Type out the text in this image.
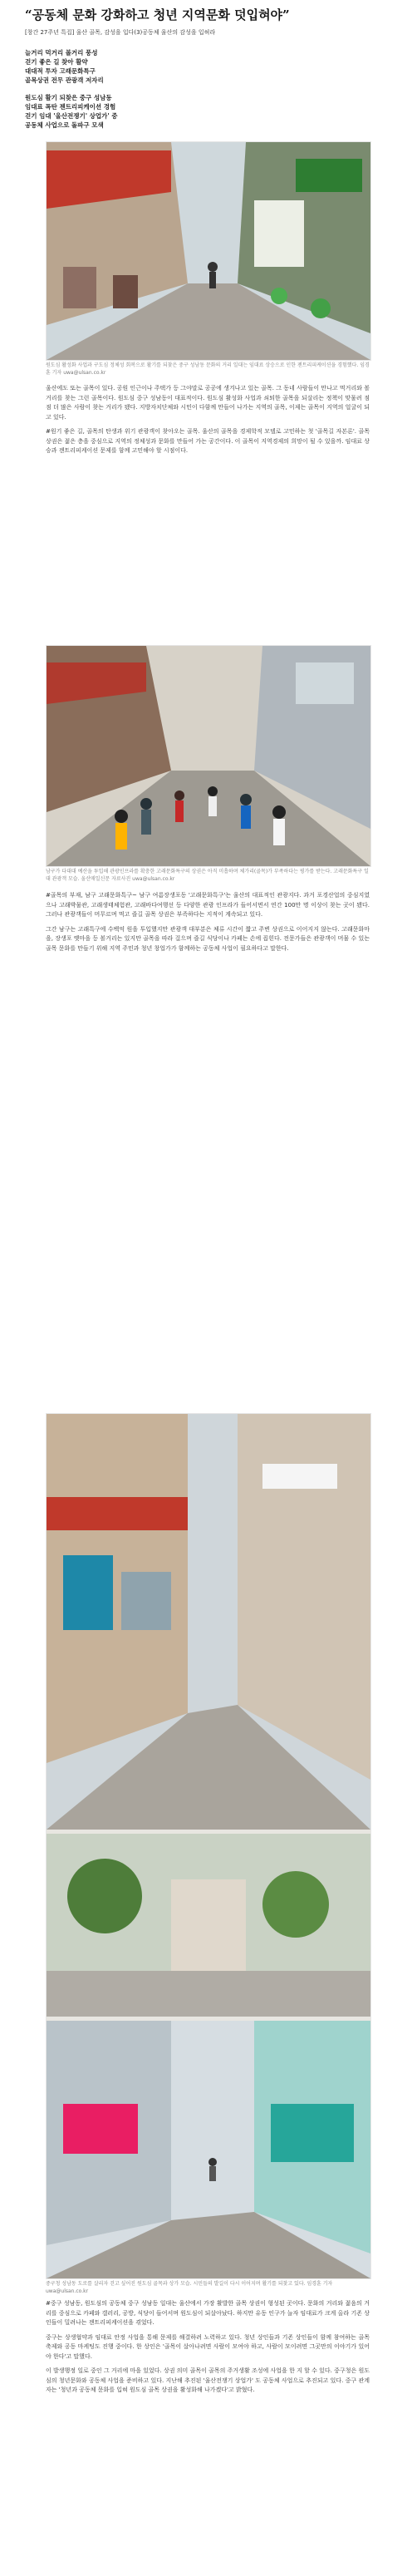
“공동체 문화 강화하고 청년 지역문화 덧입혀야”
[창간 27주년 특집] 울산 골목, 감성을 입다(3)공동체 울산의 감성을 입혀라
늘거리 먹거리 볼거리 풍성
걷기 좋은 길 찾아 활약
대대적 투자 고래문화특구
골목상권 전무 관광객 저자리
원도심 활기 되찾은 중구 성남동
임대료 폭탄 젠트리피케이션 경험
걷기 임대 '울산전쟁기' 상업가' 중
공동체 사업으로 돌파구 모색
원도심 활성화 사업과 구도심 정체성 회복으로 활기를 되찾은 중구 성남동 문화의 거리 일대는 임대료 상승으로 인한 젠트리피케이션을 경험했다. 임경훈 기자 uwa@ulsan.co.kr

울산에도 또는 골목이 있다. 공원 인근이나 주택가 등 그야말로 공공에 생겨나고 있는 골목. 그 동네 사람들이 만나고 먹거리와 볼거리를 찾는 그런 골목이다. 원도심 중구 성남동이 대표적이다. 원도심 활성화 사업과 쇠퇴한 골목을 되살리는 정책이 맞물려 점점 더 많은 사람이 찾는 거리가 됐다. 지방자치단체와 시민이 다함께 만들어 나가는 지역의 골목, 이제는 골목이 지역의 얼굴이 되고 있다.

#원기 좋은 길, 골목의 탄생과 위기 관광객이 찾아오는 골목. 울산의 골목을 경제학적 모델로 고민하는 첫 '골목길 자본론'. 골목 상권은 젊은 층을 중심으로 지역의 정체성과 문화를 만들어 가는 공간이다. 이 골목이 지역경제의 희망이 될 수 있을까. 임대료 상승과 젠트리피케이션 문제를 함께 고민해야 할 시점이다.

남구가 다대대 예산을 투입해 관광인프라를 확충한 고래문화특구의 상권은 아직 미흡하며 체가리(골목)가 부족하다는 평가를 받는다. 고래문화특구 일대 관광객 모습. 울산매일신문 자료사진 uwa@ulsan.co.kr

#골목의 부재, 남구 고래문화특구~ 남구 여름장생포동 '고래문화특구'는 울산의 대표적인 관광지다. 과거 포경산업의 중심지였으나 고래박물관, 고래생태체험관, 고래바다여행선 등 다양한 관광 인프라가 들어서면서 연간 100만 명 이상이 찾는 곳이 됐다. 그러나 관광객들이 머무르며 먹고 즐길 골목 상권은 부족하다는 지적이 계속되고 있다.

그간 남구는 고래특구에 수백억 원을 투입했지만 관광객 대부분은 체류 시간이 짧고 주변 상권으로 이어지지 않는다. 고래문화마을, 장생포 옛마을 등 볼거리는 있지만 골목을 따라 걸으며 즐길 식당이나 카페는 손에 꼽힌다. 전문가들은 관광객이 머물 수 있는 골목 문화를 만들기 위해 지역 주민과 청년 창업가가 함께하는 공동체 사업이 필요하다고 말한다.

중구청 성남동 도로를 살리자 걷고 싶어진 원도심 골목과 상가 모습. 시민들의 발길이 다시 이어지며 활기를 되찾고 있다. 임경훈 기자 uwa@ulsan.co.kr

#중구 성남동, 원도심의 공동체 중구 성남동 일대는 울산에서 가장 활발한 골목 상권이 형성된 곳이다. 문화의 거리와 젊음의 거리를 중심으로 카페와 갤러리, 공방, 식당이 들어서며 원도심이 되살아났다. 하지만 유동 인구가 늘자 임대료가 크게 올라 기존 상인들이 밀려나는 젠트리피케이션을 겪었다.

중구는 상생협약과 임대료 안정 사업을 통해 문제를 해결하려 노력하고 있다. 청년 상인들과 기존 상인들이 함께 참여하는 골목 축제와 공동 마케팅도 진행 중이다. 한 상인은 '골목이 살아나려면 사람이 모여야 하고, 사람이 모이려면 그곳만의 이야기가 있어야 한다'고 말했다.

이 발생행정 일로 중인 그 거리에 마을 있었다. 상권 의미 골목이 골목의 주거생활 조성에 사업을 한 지 할 수 있다. 중구청은 원도심의 청년문화와 공동체 사업을 준비하고 있다. 지난해 추진된 '울산전쟁기 상업가' 도 공동체 사업으로 추진되고 있다. 중구 관계자는 '청년과 공동체 문화를 입혀 원도심 골목 상권을 활성화해 나가겠다'고 밝혔다.
